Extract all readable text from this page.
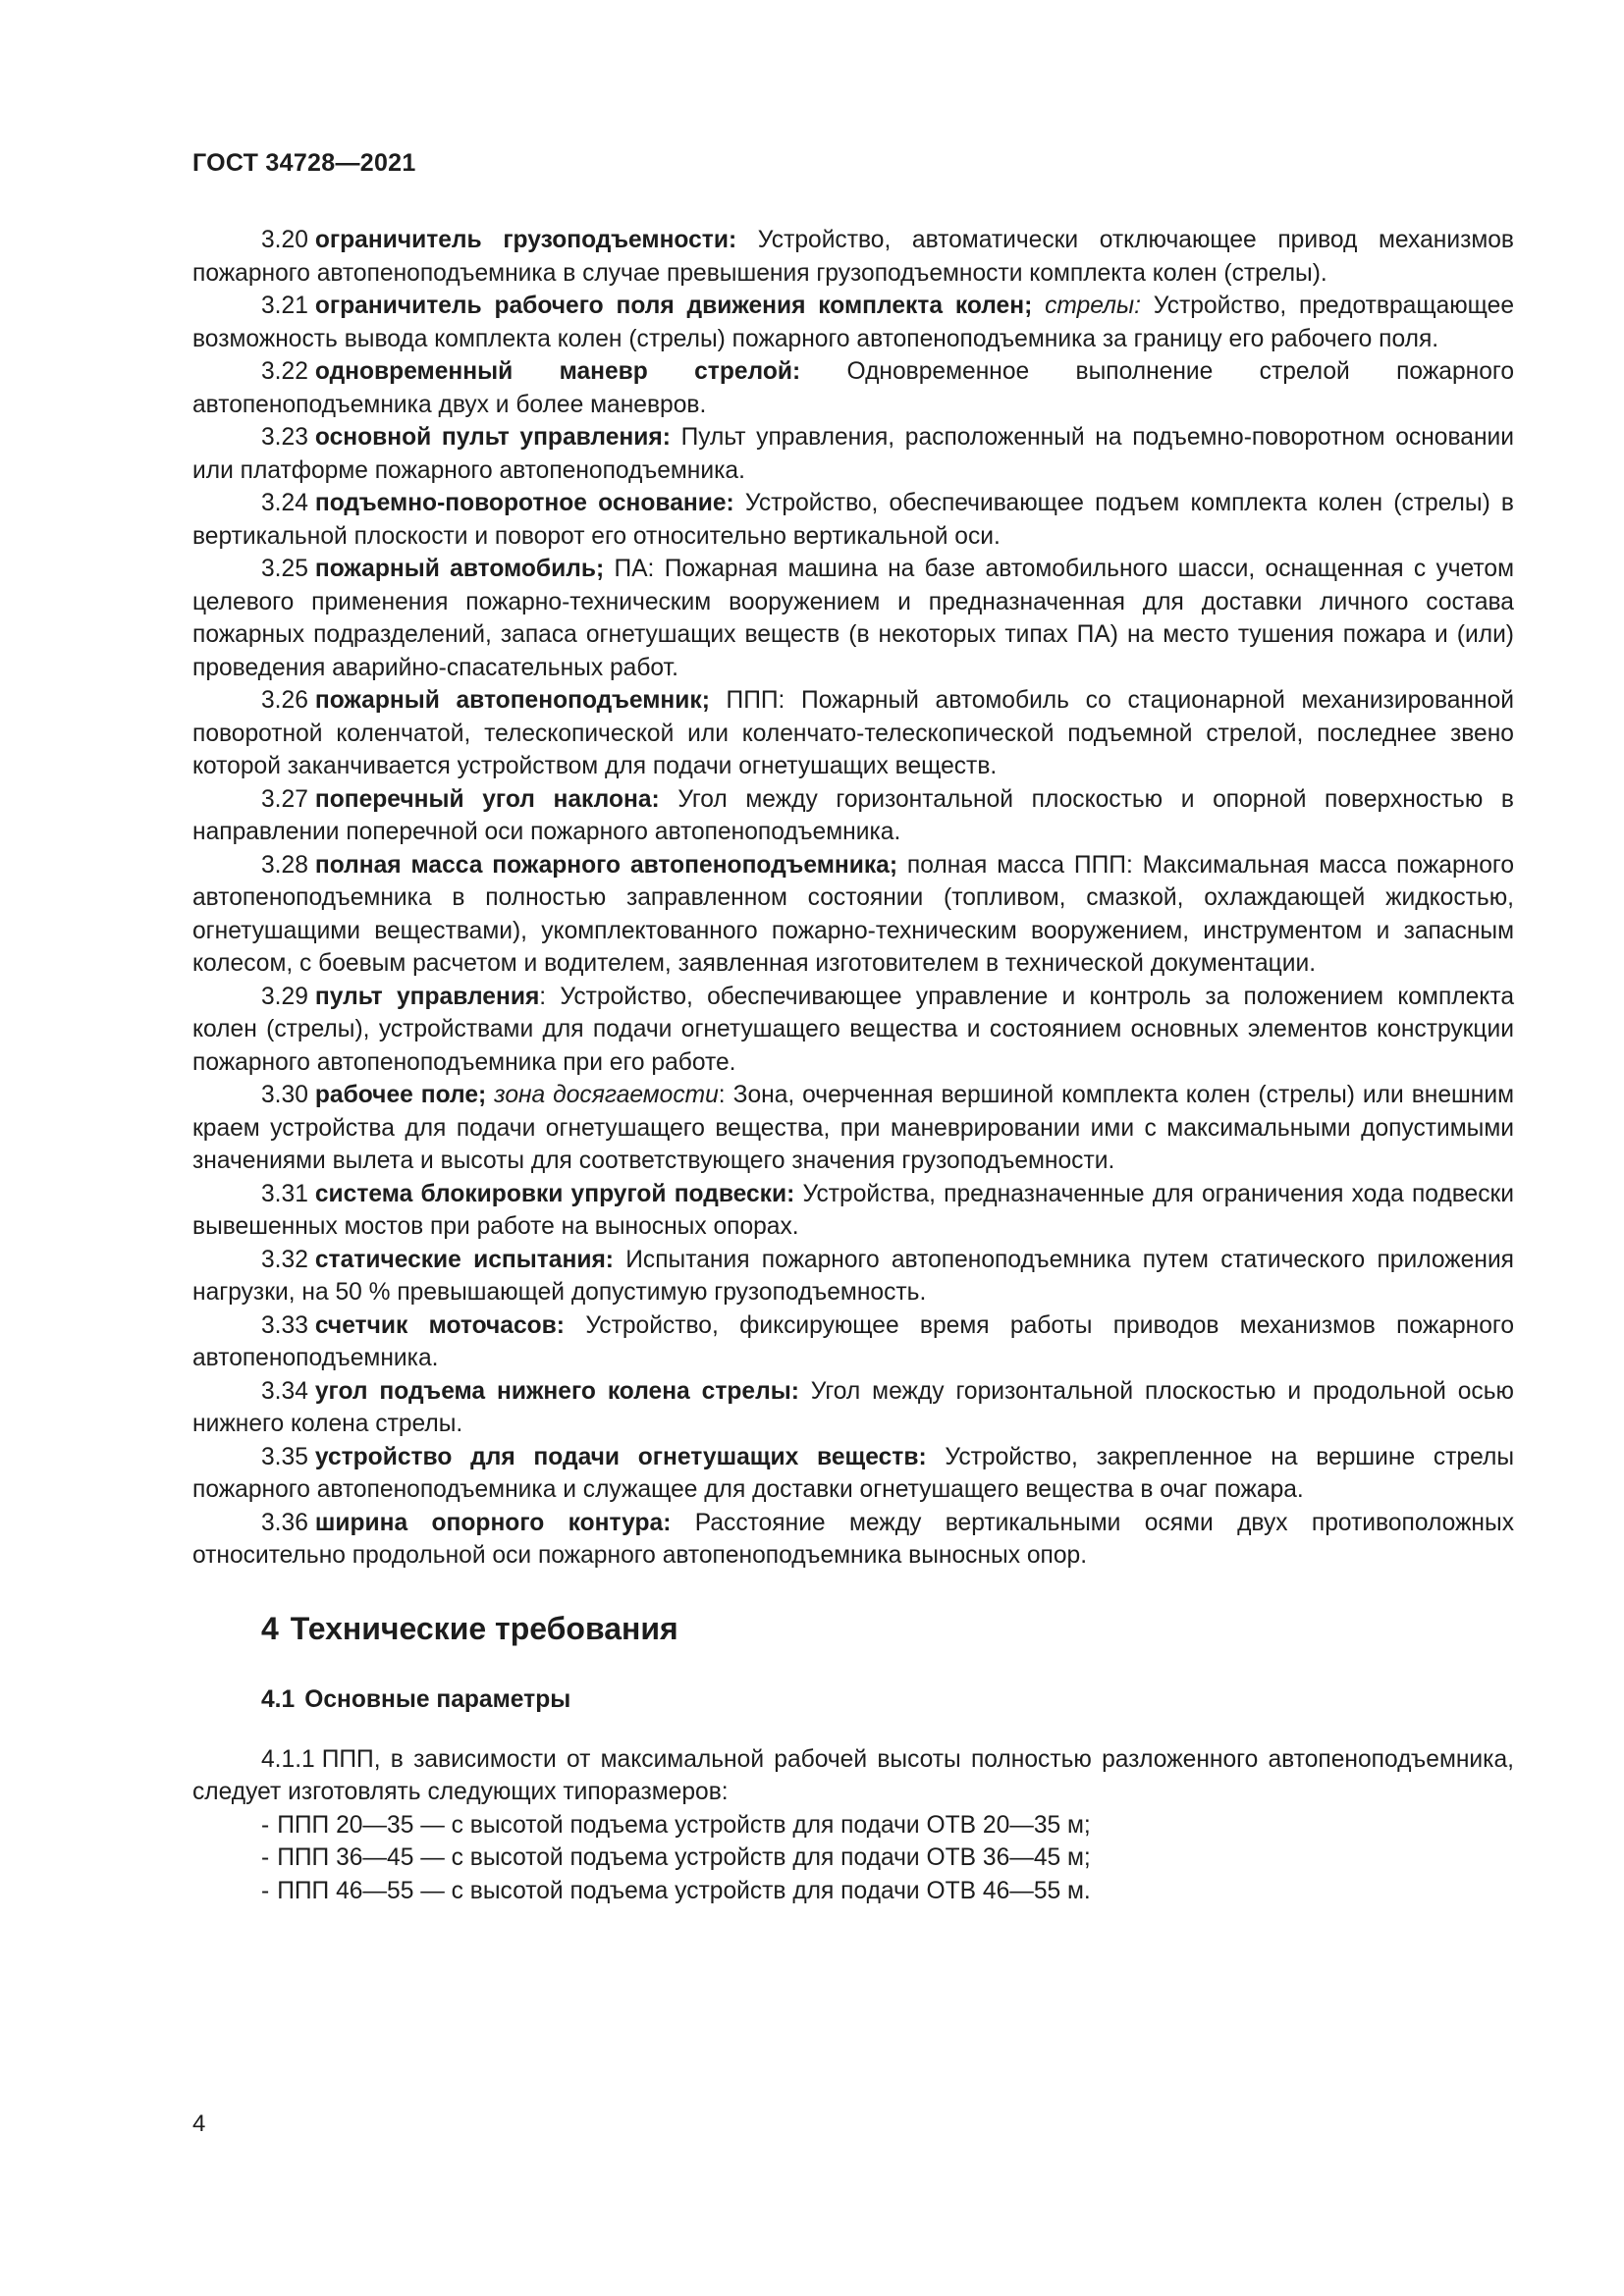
ГОСТ 34728—2021

3.20 ограничитель грузоподъемности: Устройство, автоматически отключающее привод механизмов пожарного автопеноподъемника в случае превышения грузоподъемности комплекта колен (стрелы).

3.21 ограничитель рабочего поля движения комплекта колен; стрелы: Устройство, предотвращающее возможность вывода комплекта колен (стрелы) пожарного автопеноподъемника за границу его рабочего поля.

3.22 одновременный маневр стрелой: Одновременное выполнение стрелой пожарного автопеноподъемника двух и более маневров.

3.23 основной пульт управления: Пульт управления, расположенный на подъемно-поворотном основании или платформе пожарного автопеноподъемника.

3.24 подъемно-поворотное основание: Устройство, обеспечивающее подъем комплекта колен (стрелы) в вертикальной плоскости и поворот его относительно вертикальной оси.

3.25 пожарный автомобиль; ПА: Пожарная машина на базе автомобильного шасси, оснащенная с учетом целевого применения пожарно-техническим вооружением и предназначенная для доставки личного состава пожарных подразделений, запаса огнетушащих веществ (в некоторых типах ПА) на место тушения пожара и (или) проведения аварийно-спасательных работ.

3.26 пожарный автопеноподъемник; ППП: Пожарный автомобиль со стационарной механизированной поворотной коленчатой, телескопической или коленчато-телескопической подъемной стрелой, последнее звено которой заканчивается устройством для подачи огнетушащих веществ.

3.27 поперечный угол наклона: Угол между горизонтальной плоскостью и опорной поверхностью в направлении поперечной оси пожарного автопеноподъемника.

3.28 полная масса пожарного автопеноподъемника; полная масса ППП: Максимальная масса пожарного автопеноподъемника в полностью заправленном состоянии (топливом, смазкой, охлаждающей жидкостью, огнетушащими веществами), укомплектованного пожарно-техническим вооружением, инструментом и запасным колесом, с боевым расчетом и водителем, заявленная изготовителем в технической документации.

3.29 пульт управления: Устройство, обеспечивающее управление и контроль за положением комплекта колен (стрелы), устройствами для подачи огнетушащего вещества и состоянием основных элементов конструкции пожарного автопеноподъемника при его работе.

3.30 рабочее поле; зона досягаемости: Зона, очерченная вершиной комплекта колен (стрелы) или внешним краем устройства для подачи огнетушащего вещества, при маневрировании ими с максимальными допустимыми значениями вылета и высоты для соответствующего значения грузоподъемности.

3.31 система блокировки упругой подвески: Устройства, предназначенные для ограничения хода подвески вывешенных мостов при работе на выносных опорах.

3.32 статические испытания: Испытания пожарного автопеноподъемника путем статического приложения нагрузки, на 50 % превышающей допустимую грузоподъемность.

3.33 счетчик моточасов: Устройство, фиксирующее время работы приводов механизмов пожарного автопеноподъемника.

3.34 угол подъема нижнего колена стрелы: Угол между горизонтальной плоскостью и продольной осью нижнего колена стрелы.

3.35 устройство для подачи огнетушащих веществ: Устройство, закрепленное на вершине стрелы пожарного автопеноподъемника и служащее для доставки огнетушащего вещества в очаг пожара.

3.36 ширина опорного контура: Расстояние между вертикальными осями двух противоположных относительно продольной оси пожарного автопеноподъемника выносных опор.

4 Технические требования
4.1 Основные параметры

4.1.1 ППП, в зависимости от максимальной рабочей высоты полностью разложенного автопеноподъемника, следует изготовлять следующих типоразмеров:

- ППП 20—35 — с высотой подъема устройств для подачи ОТВ 20—35 м;
- ППП 36—45 — с высотой подъема устройств для подачи ОТВ 36—45 м;
- ППП 46—55 — с высотой подъема устройств для подачи ОТВ 46—55 м.
4
